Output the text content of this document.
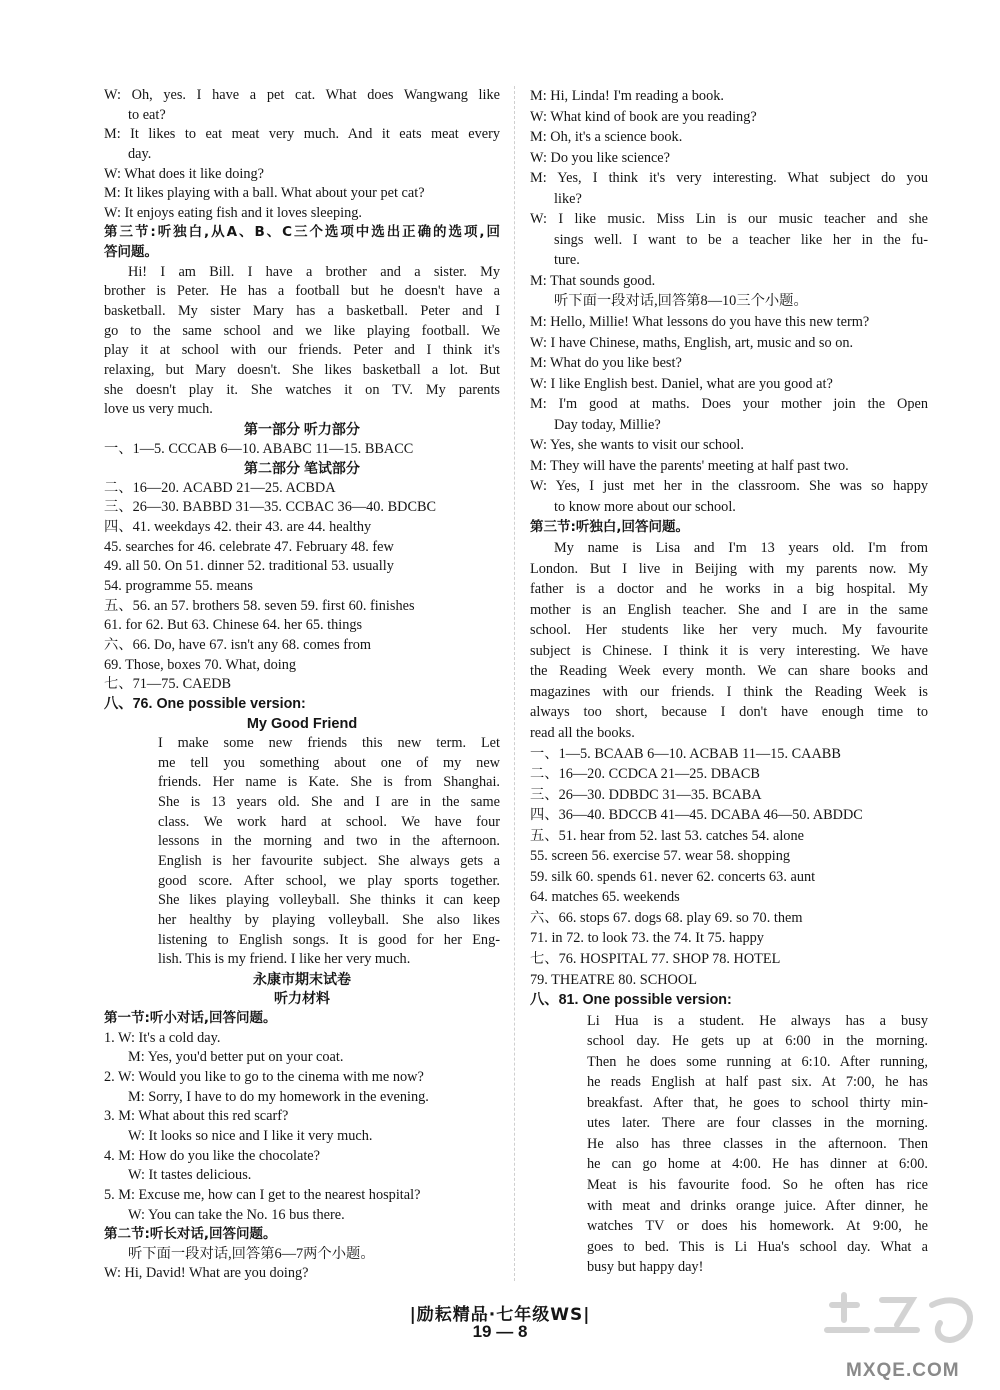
W: Oh, yes. I have a pet cat. What does Wangwang like
to eat?
M: It likes to eat meat very much. And it eats meat every
day.
W: What does it like doing?
M: It likes playing with a ball. What about your pet cat?
W: It enjoys eating fish and it loves sleeping.
第三节:听独白,从A、B、C三个选项中选出正确的选项,回
答问题。
Hi! I am Bill. I have a brother and a sister. My
brother is Peter. He has a football but he doesn't have a
basketball. My sister Mary has a basketball. Peter and I
go to the same school and we like playing football. We
play it at school with our friends. Peter and I think it's
relaxing, but Mary doesn't. She likes basketball a lot. But
she doesn't play it. She watches it on TV. My parents
love us very much.
第一部分 听力部分
一、1—5. CCCAB 6—10. ABABC 11—15. BBACC
第二部分 笔试部分
二、16—20. ACABD 21—25. ACBDA
三、26—30. BABBD 31—35. CCBAC 36—40. BDCBC
四、41. weekdays 42. their 43. are 44. healthy
45. searches for 46. celebrate 47. February 48. few
49. all 50. On 51. dinner 52. traditional 53. usually
54. programme 55. means
五、56. an 57. brothers 58. seven 59. first 60. finishes
61. for 62. But 63. Chinese 64. her 65. things
六、66. Do, have 67. isn't any 68. comes from
69. Those, boxes 70. What, doing
七、71—75. CAEDB
八、76. One possible version:
My Good Friend
I make some new friends this new term. Let
me tell you something about one of my new
friends. Her name is Kate. She is from Shanghai.
She is 13 years old. She and I are in the same
class. We work hard at school. We have four
lessons in the morning and two in the afternoon.
English is her favourite subject. She always gets a
good score. After school, we play sports together.
She likes playing volleyball. She thinks it can keep
her healthy by playing volleyball. She also likes
listening to English songs. It is good for her Eng-
lish. This is my friend. I like her very much.
永康市期末试卷
听力材料
第一节:听小对话,回答问题。
1. W: It's a cold day.
M: Yes, you'd better put on your coat.
2. W: Would you like to go to the cinema with me now?
M: Sorry, I have to do my homework in the evening.
3. M: What about this red scarf?
W: It looks so nice and I like it very much.
4. M: How do you like the chocolate?
W: It tastes delicious.
5. M: Excuse me, how can I get to the nearest hospital?
W: You can take the No. 16 bus there.
第二节:听长对话,回答问题。
听下面一段对话,回答第6—7两个小题。
W: Hi, David! What are you doing?
M: Hi, Linda! I'm reading a book.
W: What kind of book are you reading?
M: Oh, it's a science book.
W: Do you like science?
M: Yes, I think it's very interesting. What subject do you
like?
W: I like music. Miss Lin is our music teacher and she
sings well. I want to be a teacher like her in the fu-
ture.
M: That sounds good.
听下面一段对话,回答第8—10三个小题。
M: Hello, Millie! What lessons do you have this new term?
W: I have Chinese, maths, English, art, music and so on.
M: What do you like best?
W: I like English best. Daniel, what are you good at?
M: I'm good at maths. Does your mother join the Open
Day today, Millie?
W: Yes, she wants to visit our school.
M: They will have the parents' meeting at half past two.
W: Yes, I just met her in the classroom. She was so happy
to know more about our school.
第三节:听独白,回答问题。
My name is Lisa and I'm 13 years old. I'm from
London. But I live in Beijing with my parents now. My
father is a doctor and he works in a big hospital. My
mother is an English teacher. She and I are in the same
school. Her students like her very much. My favourite
subject is Chinese. I think it is very interesting. We have
the Reading Week every month. We can share books and
magazines with our friends. I think the Reading Week is
always too short, because I don't have enough time to
read all the books.
一、1—5. BCAAB 6—10. ACBAB 11—15. CAABB
二、16—20. CCDCA 21—25. DBACB
三、26—30. DDBDC 31—35. BCABA
四、36—40. BDCCB 41—45. DCABA 46—50. ABDDC
五、51. hear from 52. last 53. catches 54. alone
55. screen 56. exercise 57. wear 58. shopping
59. silk 60. spends 61. never 62. concerts 63. aunt
64. matches 65. weekends
六、66. stops 67. dogs 68. play 69. so 70. them
71. in 72. to look 73. the 74. It 75. happy
七、76. HOSPITAL 77. SHOP 78. HOTEL
79. THEATRE 80. SCHOOL
八、81. One possible version:
Li Hua is a student. He always has a busy
school day. He gets up at 6:00 in the morning.
Then he does some running at 6:10. After running,
he reads English at half past six. At 7:00, he has
breakfast. After that, he goes to school thirty min-
utes later. There are four classes in the morning.
He also has three classes in the afternoon. Then
he can go home at 4:00. He has dinner at 6:00.
Meat is his favourite food. So he often has rice
with meat and drinks orange juice. After dinner, he
watches TV or does his homework. At 9:00, he
goes to bed. This is Li Hua's school day. What a
busy but happy day!
|励耘精品·七年级WS|
19 — 8
MXQE.COM
